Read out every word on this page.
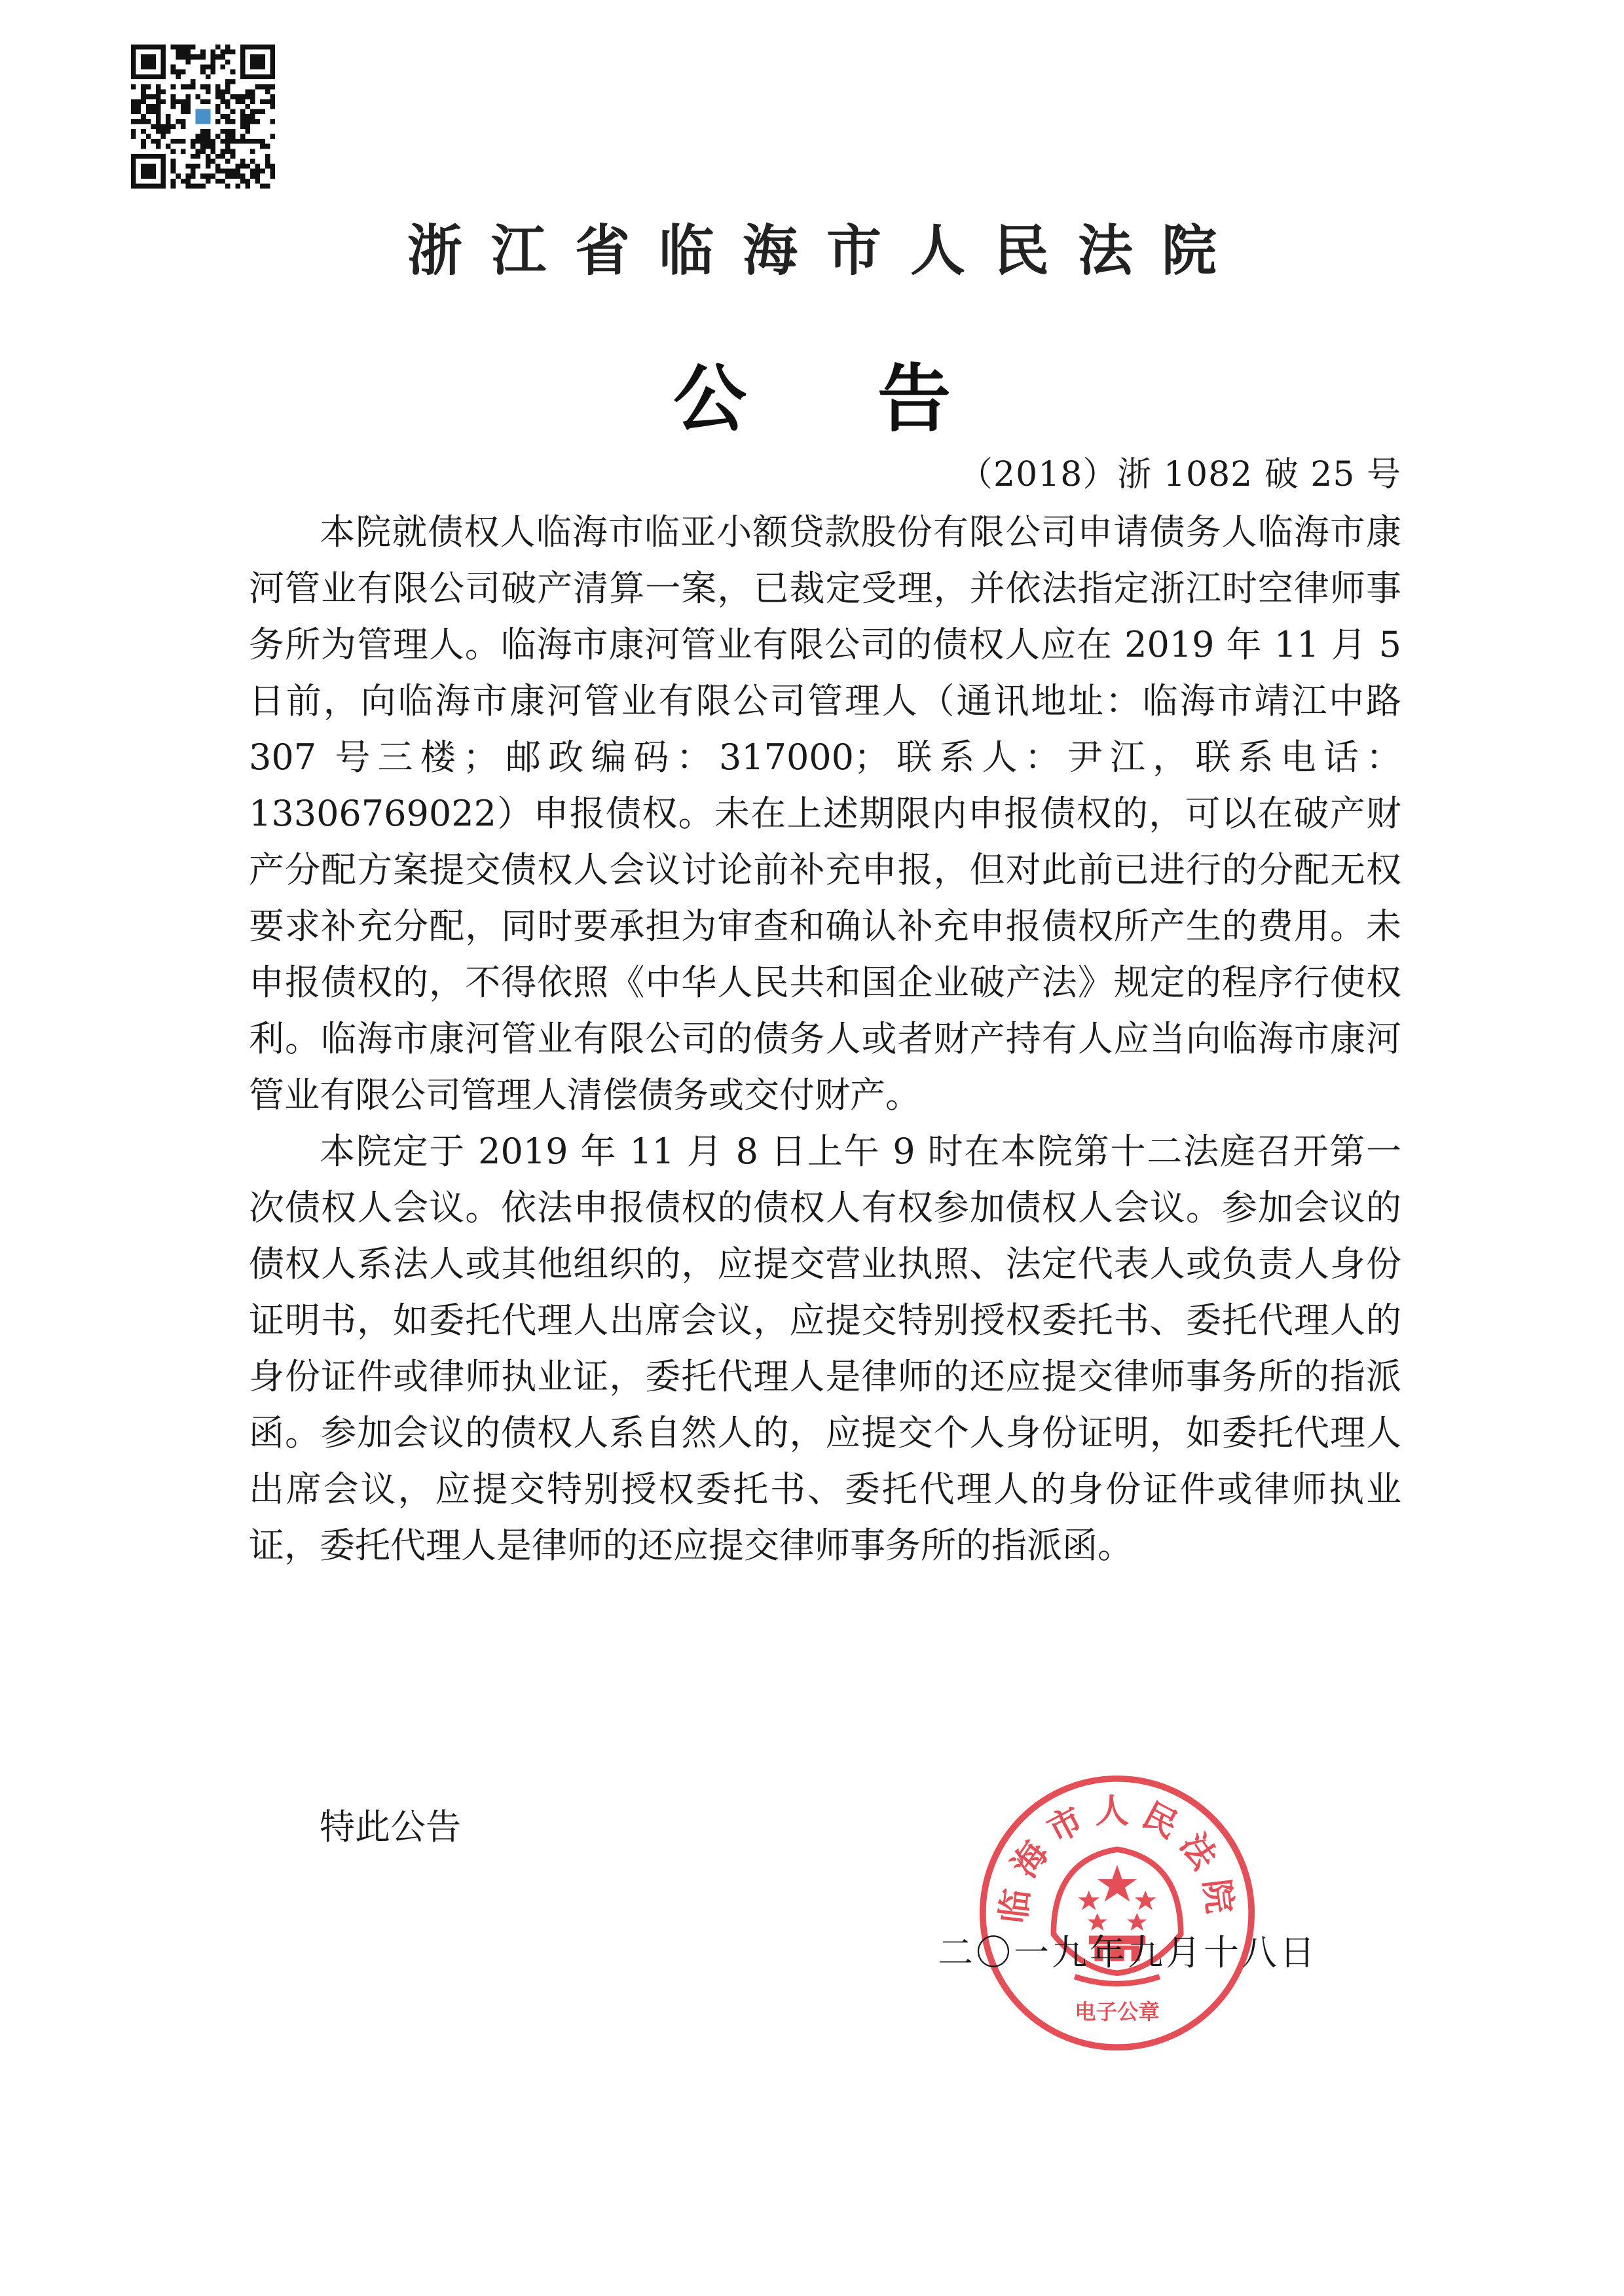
浙江省临海市人民法院
公告
（2018）浙 1082 破 25 号

本院就债权人临海市临亚小额贷款股份有限公司申请债务人临海市康河管业有限公司破产清算一案，已裁定受理，并依法指定浙江时空律师事务所为管理人。临海市康河管业有限公司的债权人应在 2019 年 11 月 5 日前，向临海市康河管业有限公司管理人（通讯地址：临海市靖江中路 307 号三楼；邮政编码：317000；联系人：尹江，联系电话：13306769022）申报债权。未在上述期限内申报债权的，可以在破产财产分配方案提交债权人会议讨论前补充申报，但对此前已进行的分配无权要求补充分配，同时要承担为审查和确认补充申报债权所产生的费用。未申报债权的，不得依照《中华人民共和国企业破产法》规定的程序行使权利。临海市康河管业有限公司的债务人或者财产持有人应当向临海市康河管业有限公司管理人清偿债务或交付财产。

本院定于 2019 年 11 月 8 日上午 9 时在本院第十二法庭召开第一次债权人会议。依法申报债权的债权人有权参加债权人会议。参加会议的债权人系法人或其他组织的，应提交营业执照、法定代表人或负责人身份证明书，如委托代理人出席会议，应提交特别授权委托书、委托代理人的身份证件或律师执业证，委托代理人是律师的还应提交律师事务所的指派函。参加会议的债权人系自然人的，应提交个人身份证明，如委托代理人出席会议，应提交特别授权委托书、委托代理人的身份证件或律师执业证，委托代理人是律师的还应提交律师事务所的指派函。

特此公告
临海市人民法院
电子公章
二〇一九年九月十八日
